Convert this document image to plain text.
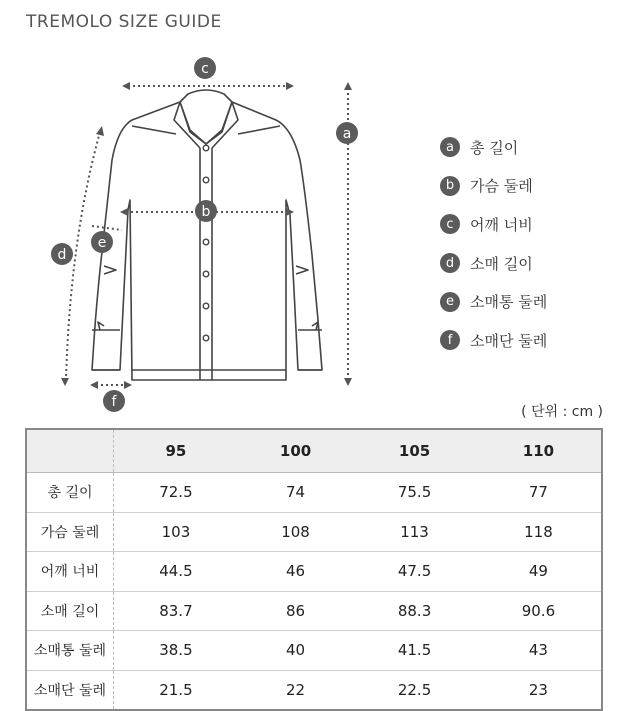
TREMOLO SIZE GUIDE
c
a
b
e
d
f
a	총 길이
b	가슴 둘레
c	어깨 너비
d	소매 길이
e	소매통 둘레
f	소매단 둘레
( 단위 : cm )
	95	100	105	110
총 길이	72.5	74	75.5	77
가슴 둘레	103	108	113	118
어깨 너비	44.5	46	47.5	49
소매 길이	83.7	86	88.3	90.6
소매통 둘레	38.5	40	41.5	43
소매단 둘레	21.5	22	22.5	23
